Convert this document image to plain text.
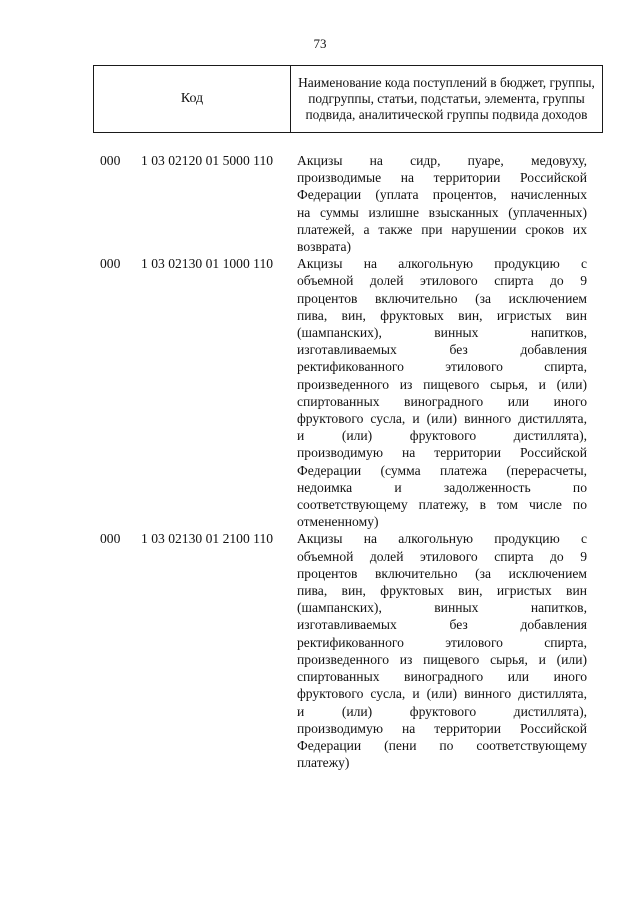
73
Код
Наименование кода поступлений в бюджет, группы, подгруппы, статьи, подстатьи, элемента, группы подвида, аналитической группы подвида доходов
000 1 03 02120 01 5000 110 Акцизы на сидр, пуаре, медовуху,
производимые на территории Российской
Федерации (уплата процентов, начисленных
на суммы излишне взысканных (уплаченных)
платежей, а также при нарушении сроков их
возврата)
000 1 03 02130 01 1000 110 Акцизы на алкогольную продукцию с
объемной долей этилового спирта до 9
процентов включительно (за исключением
пива, вин, фруктовых вин, игристых вин
(шампанских), винных напитков,
изготавливаемых без добавления
ректификованного этилового спирта,
произведенного из пищевого сырья, и (или)
спиртованных виноградного или иного
фруктового сусла, и (или) винного дистиллята,
и (или) фруктового дистиллята),
производимую на территории Российской
Федерации (сумма платежа (перерасчеты,
недоимка и задолженность по
соответствующему платежу, в том числе по
отмененному)
000 1 03 02130 01 2100 110 Акцизы на алкогольную продукцию с
объемной долей этилового спирта до 9
процентов включительно (за исключением
пива, вин, фруктовых вин, игристых вин
(шампанских), винных напитков,
изготавливаемых без добавления
ректификованного этилового спирта,
произведенного из пищевого сырья, и (или)
спиртованных виноградного или иного
фруктового сусла, и (или) винного дистиллята,
и (или) фруктового дистиллята),
производимую на территории Российской
Федерации (пени по соответствующему
платежу)
